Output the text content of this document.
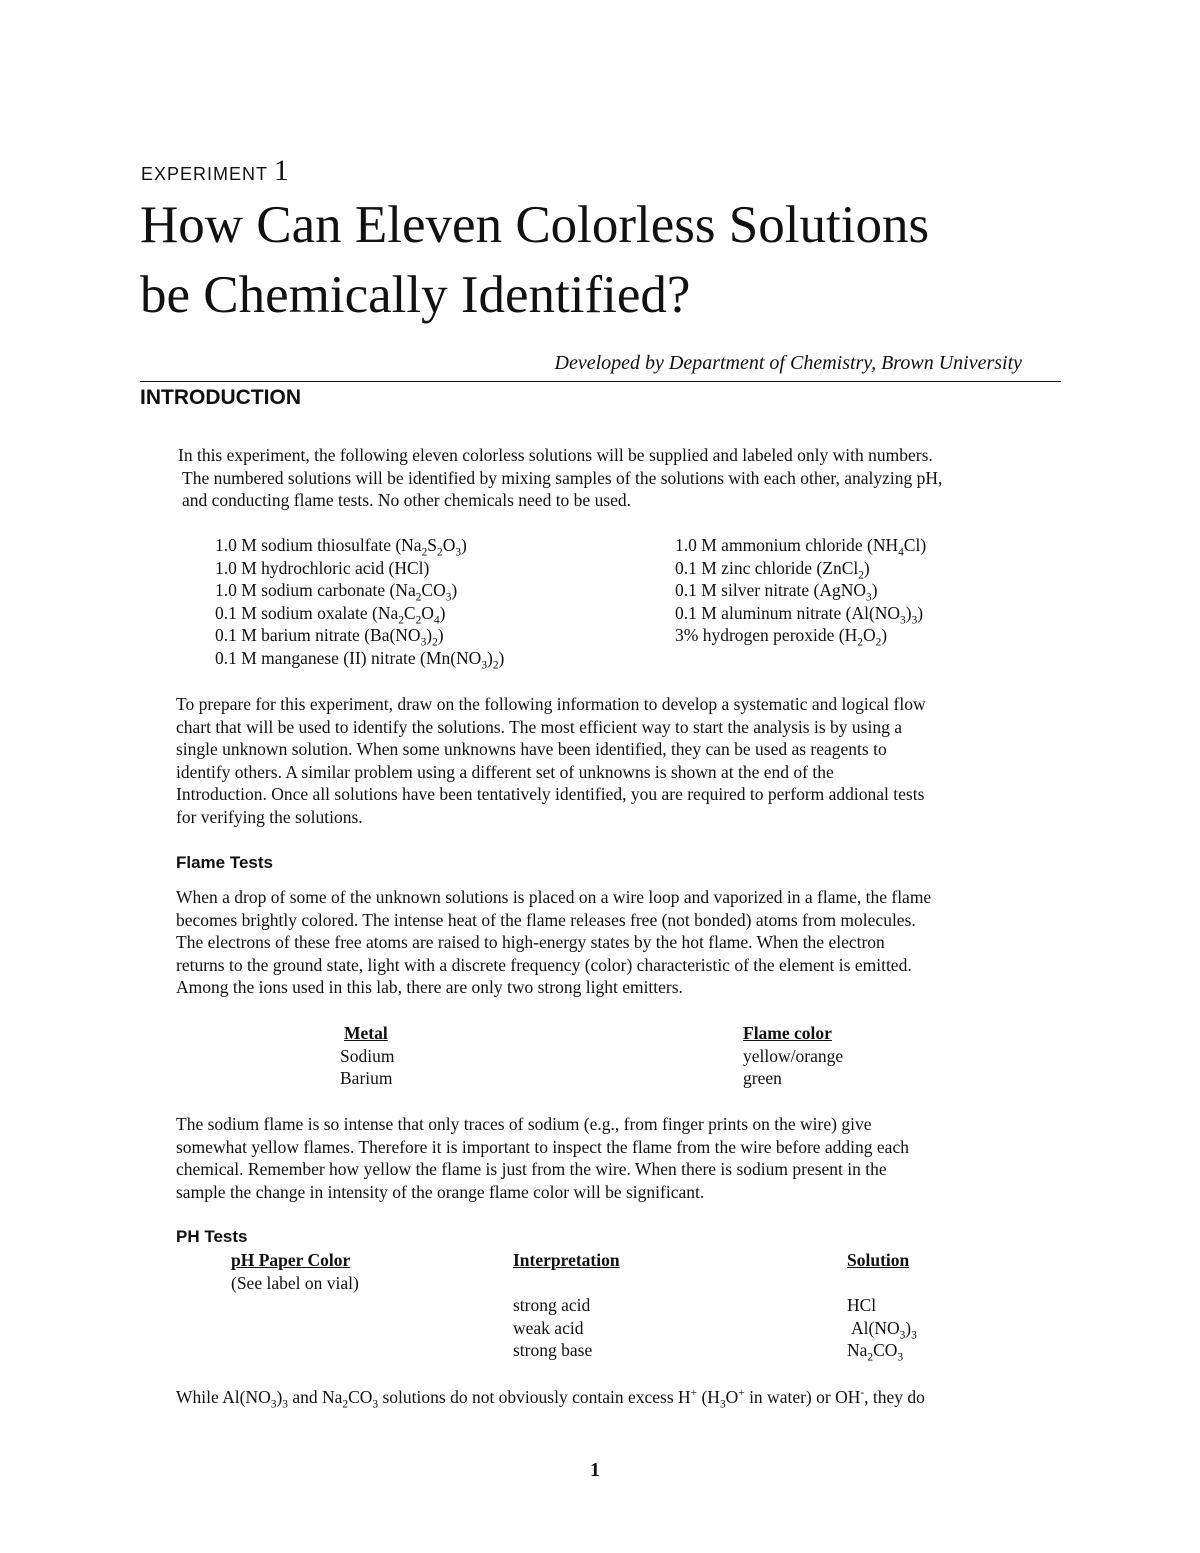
EXPERIMENT 1
How Can Eleven Colorless Solutions
be Chemically Identified?
Developed by Department of Chemistry, Brown University
INTRODUCTION
In this experiment, the following eleven colorless solutions will be supplied and labeled only with numbers.
The numbered solutions will be identified by mixing samples of the solutions with each other, analyzing pH,
and conducting flame tests. No other chemicals need to be used.
1.0 M sodium thiosulfate $(Na_2S_2O_3)$
1.0 M hydrochloric acid (HCl)
1.0 M sodium carbonate $(Na_2CO_3)$
0.1 M sodium oxalate $(Na_2C_2O_4)$
0.1 M barium nitrate $(Ba(NO_3)_2)$
0.1 M manganese (II) nitrate $(Mn(NO_3)_2)$
1.0 M ammonium chloride $(NH_4Cl)$
0.1 M zinc chloride (ZnCl$_2$)
0.1 M silver nitrate (AgNO$_3$)
0.1 M aluminum nitrate $(Al(NO_3)_3)$
3% hydrogen peroxide $(H_2O_2)$
To prepare for this experiment, draw on the following information to develop a systematic and logical flow
chart that will be used to identify the solutions. The most efficient way to start the analysis is by using a
single unknown solution. When some unknowns have been identified, they can be used as reagents to
identify others. A similar problem using a different set of unknowns is shown at the end of the
Introduction. Once all solutions have been tentatively identified, you are required to perform addional tests
for verifying the solutions.
Flame Tests
When a drop of some of the unknown solutions is placed on a wire loop and vaporized in a flame, the flame
becomes brightly colored. The intense heat of the flame releases free (not bonded) atoms from molecules.
The electrons of these free atoms are raised to high-energy states by the hot flame. When the electron
returns to the ground state, light with a discrete frequency (color) characteristic of the element is emitted.
Among the ions used in this lab, there are only two strong light emitters.
Metal
Sodium
Barium
Flame color
yellow/orange
green
The sodium flame is so intense that only traces of sodium (e.g., from finger prints on the wire) give
somewhat yellow flames. Therefore it is important to inspect the flame from the wire before adding each
chemical. Remember how yellow the flame is just from the wire. When there is sodium present in the
sample the change in intensity of the orange flame color will be significant.
PH Tests
pH Paper Color
(See label on vial)
Interpretation
strong acid
weak acid
strong base
Solution
HCl
$Al(NO_3)_3$
$Na_2CO_3$
While $Al(NO_3)_3$ and $Na_2CO_3$ solutions do not obviously contain excess H+ ($H_3O^+$ in water) or OH-, they do
1
